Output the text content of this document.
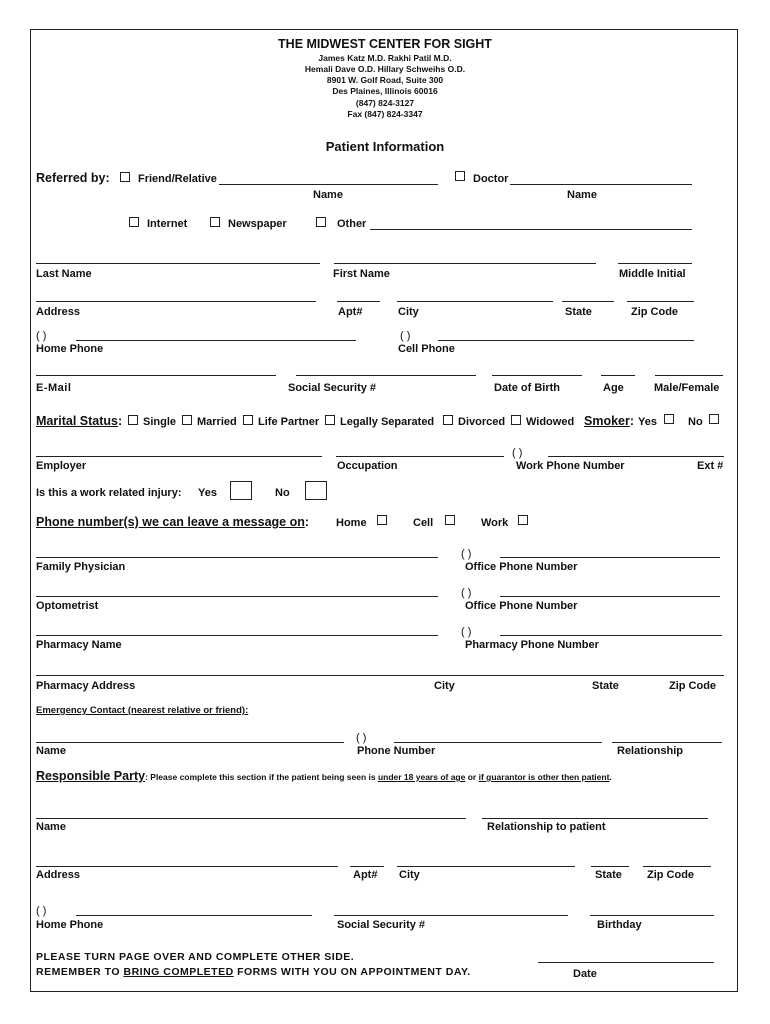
THE MIDWEST CENTER FOR SIGHT
James Katz M.D. Rakhi Patil M.D.
Hemali Dave O.D. Hillary Schweihs O.D.
8901 W. Golf Road, Suite 300
Des Plaines, Illinois 60016
(847) 824-3127
Fax (847) 824-3347
Patient Information
Referred by:	Friend/Relative	Doctor
Name	Name
Internet	Newspaper	Other
Last Name	First Name	Middle Initial
Address	Apt#	City	State	Zip Code
( )	( )
Home Phone	Cell Phone
E-Mail	Social Security #	Date of Birth	Age	Male/Female
Marital Status: Single Married Life Partner Legally Separated Divorced Widowed Smoker: Yes	No
( )
Employer	Occupation	Work Phone Number	Ext #
Is this a work related injury: Yes	No
Phone number(s) we can leave a message on: Home	Cell	Work
( )
Family Physician	Office Phone Number
( )
Optometrist	Office Phone Number
( )
Pharmacy Name	Pharmacy Phone Number
Pharmacy Address	City	State	Zip Code
Emergency Contact (nearest relative or friend):
( )
Name	Phone Number	Relationship
Responsible Party: Please complete this section if the patient being seen is under 18 years of age or if guarantor is other then patient.
Name	Relationship to patient
Address	Apt# City	State Zip Code
( )
Home Phone	Social Security #	Birthday
PLEASE TURN PAGE OVER AND COMPLETE OTHER SIDE.
REMEMBER TO BRING COMPLETED FORMS WITH YOU ON APPOINTMENT DAY.	Date
